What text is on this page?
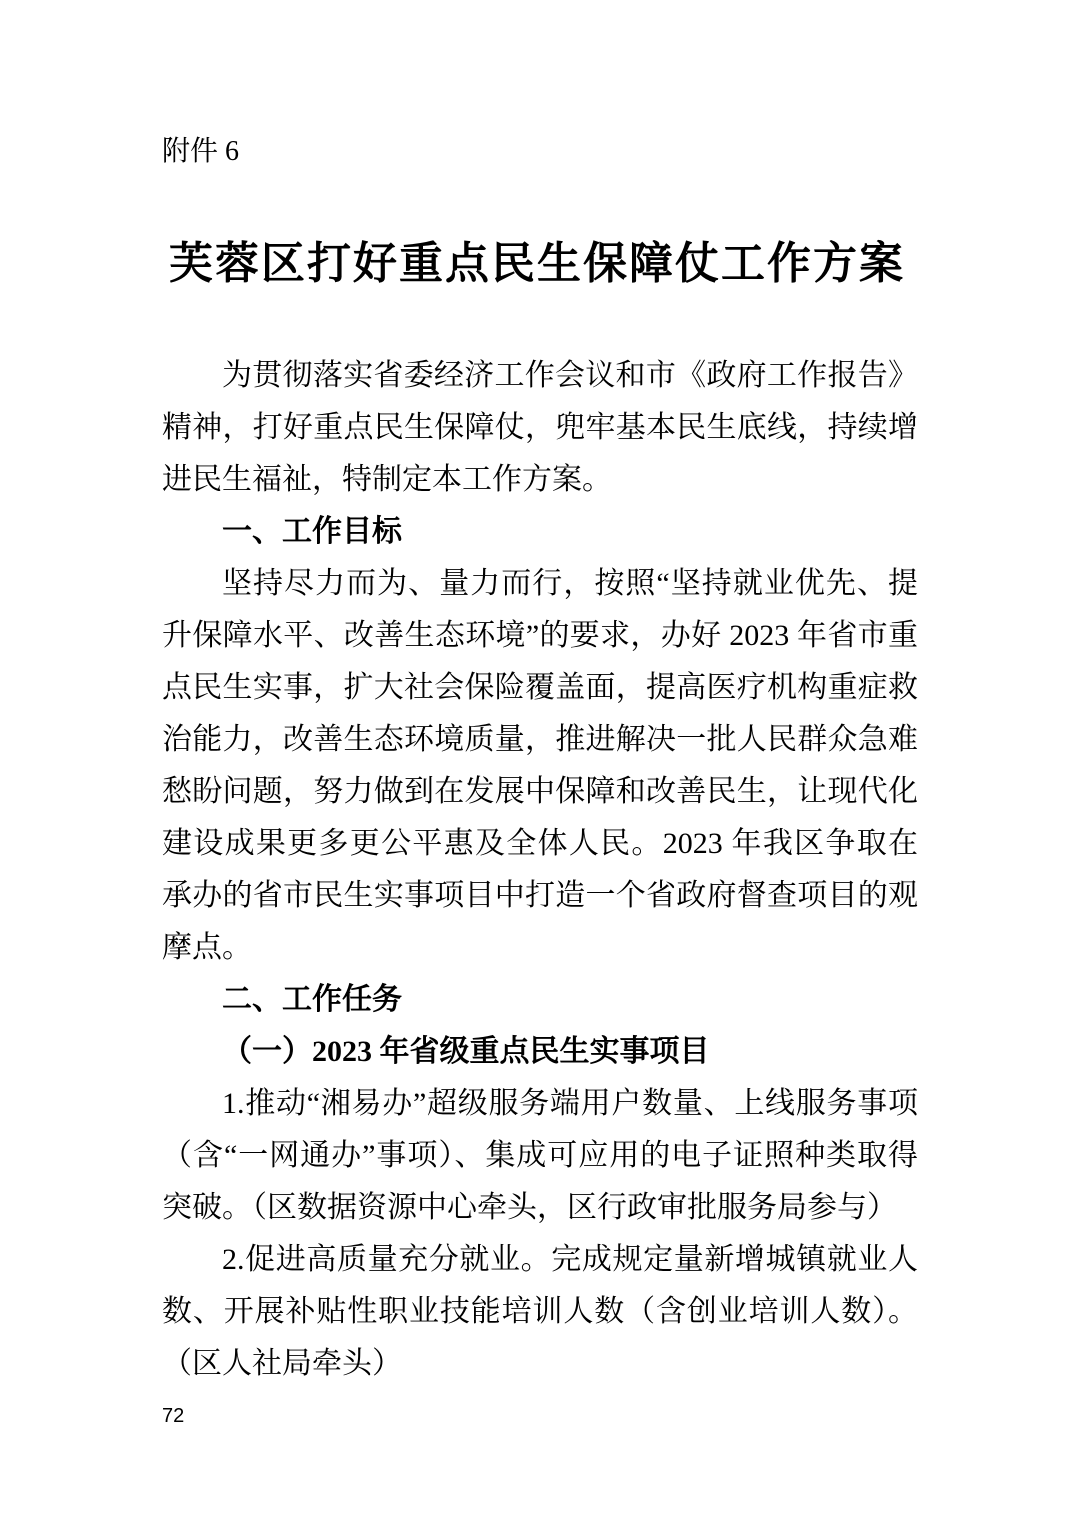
附件 6
芙蓉区打好重点民生保障仗工作方案

为贯彻落实省委经济工作会议和市《政府工作报告》精神，打好重点民生保障仗，兜牢基本民生底线，持续增进民生福祉，特制定本工作方案。

一、工作目标

坚持尽力而为、量力而行，按照“坚持就业优先、提升保障水平、改善生态环境”的要求，办好 2023 年省市重点民生实事，扩大社会保险覆盖面，提高医疗机构重症救治能力，改善生态环境质量，推进解决一批人民群众急难愁盼问题，努力做到在发展中保障和改善民生，让现代化建设成果更多更公平惠及全体人民。2023 年我区争取在承办的省市民生实事项目中打造一个省政府督查项目的观摩点。

二、工作任务

（一）2023 年省级重点民生实事项目

1.推动“湘易办”超级服务端用户数量、上线服务事项（含“一网通办”事项）、集成可应用的电子证照种类取得突破。（区数据资源中心牵头，区行政审批服务局参与）

2.促进高质量充分就业。完成规定量新增城镇就业人数、开展补贴性职业技能培训人数（含创业培训人数）。（区人社局牵头）

72
